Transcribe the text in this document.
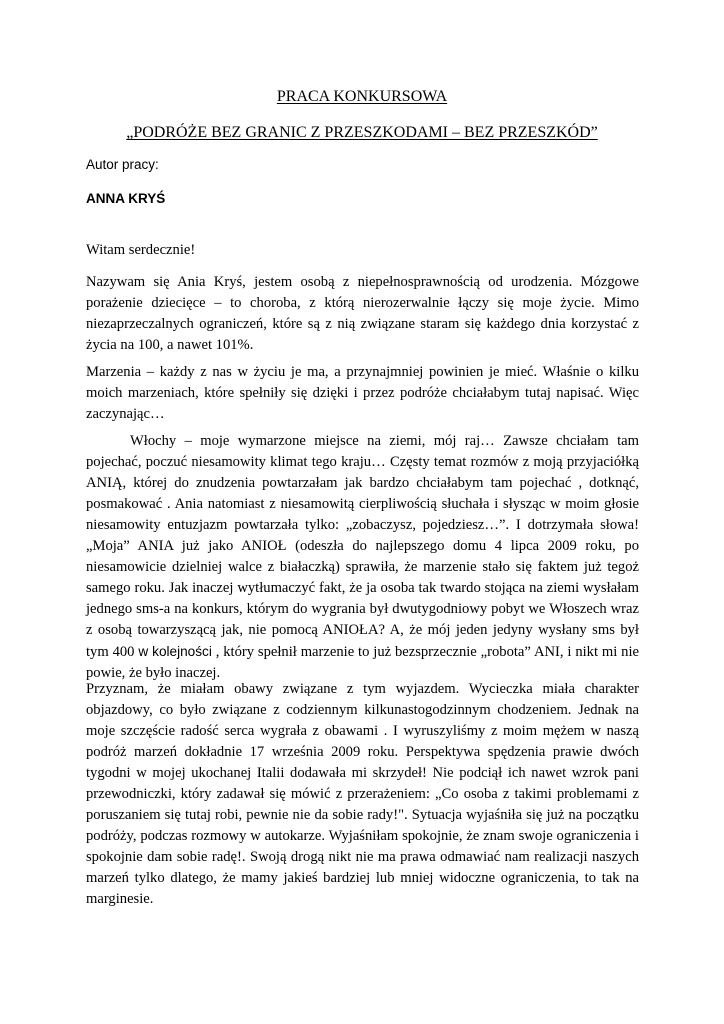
PRACA KONKURSOWA
„PODRÓŻE BEZ GRANIC Z PRZESZKODAMI – BEZ PRZESZKÓD”
Autor pracy:
ANNA KRYŚ

Witam serdecznie!

Nazywam się Ania Kryś, jestem osobą z niepełnosprawnością od urodzenia. Mózgowe porażenie dziecięce – to choroba, z którą nierozerwalnie łączy się moje życie. Mimo niezaprzeczalnych ograniczeń, które są z nią związane staram się każdego dnia korzystać z życia na 100, a nawet 101%.

Marzenia – każdy z nas w życiu je ma, a przynajmniej powinien je mieć. Właśnie o kilku moich marzeniach, które spełniły się dzięki i przez podróże chciałabym tutaj napisać. Więc zaczynając…

Włochy – moje wymarzone miejsce na ziemi, mój raj… Zawsze chciałam tam pojechać, poczuć niesamowity klimat tego kraju… Częsty temat rozmów z moją przyjaciółką ANIĄ, której do znudzenia powtarzałam jak bardzo chciałabym tam pojechać , dotknąć, posmakować . Ania natomiast z niesamowitą cierpliwością słuchała i słysząc w moim głosie niesamowity entuzjazm powtarzała tylko: „zobaczysz, pojedziesz…”. I dotrzymała słowa! „Moja” ANIA już jako ANIOŁ (odeszła do najlepszego domu 4 lipca 2009 roku, po niesamowicie dzielniej walce z białaczką) sprawiła, że marzenie stało się faktem już tegoż samego roku. Jak inaczej wytłumaczyć fakt, że ja osoba tak twardo stojąca na ziemi wysłałam jednego sms-a na konkurs, którym do wygrania był dwutygodniowy pobyt we Włoszech wraz z osobą towarzyszącą jak, nie pomocą ANIOŁA? A, że mój jeden jedyny wysłany sms był tym 400 w kolejności , który spełnił marzenie to już bezsprzecznie „robota” ANI, i nikt mi nie powie, że było inaczej.

Przyznam, że miałam obawy związane z tym wyjazdem. Wycieczka miała charakter objazdowy, co było związane z codziennym kilkunastogodzinnym chodzeniem. Jednak na moje szczęście radość serca wygrała z obawami . I wyruszyliśmy z moim mężem w naszą podróż marzeń dokładnie 17 września 2009 roku. Perspektywa spędzenia prawie dwóch tygodni w mojej ukochanej Italii dodawała mi skrzydeł! Nie podciął ich nawet wzrok pani przewodniczki, który zadawał się mówić z przerażeniem: „Co osoba z takimi problemami z poruszaniem się tutaj robi, pewnie nie da sobie rady!". Sytuacja wyjaśniła się już na początku podróży, podczas rozmowy w autokarze. Wyjaśniłam spokojnie, że znam swoje ograniczenia i spokojnie dam sobie radę!. Swoją drogą nikt nie ma prawa odmawiać nam realizacji naszych marzeń tylko dlatego, że mamy jakieś bardziej lub mniej widoczne ograniczenia, to tak na marginesie.
